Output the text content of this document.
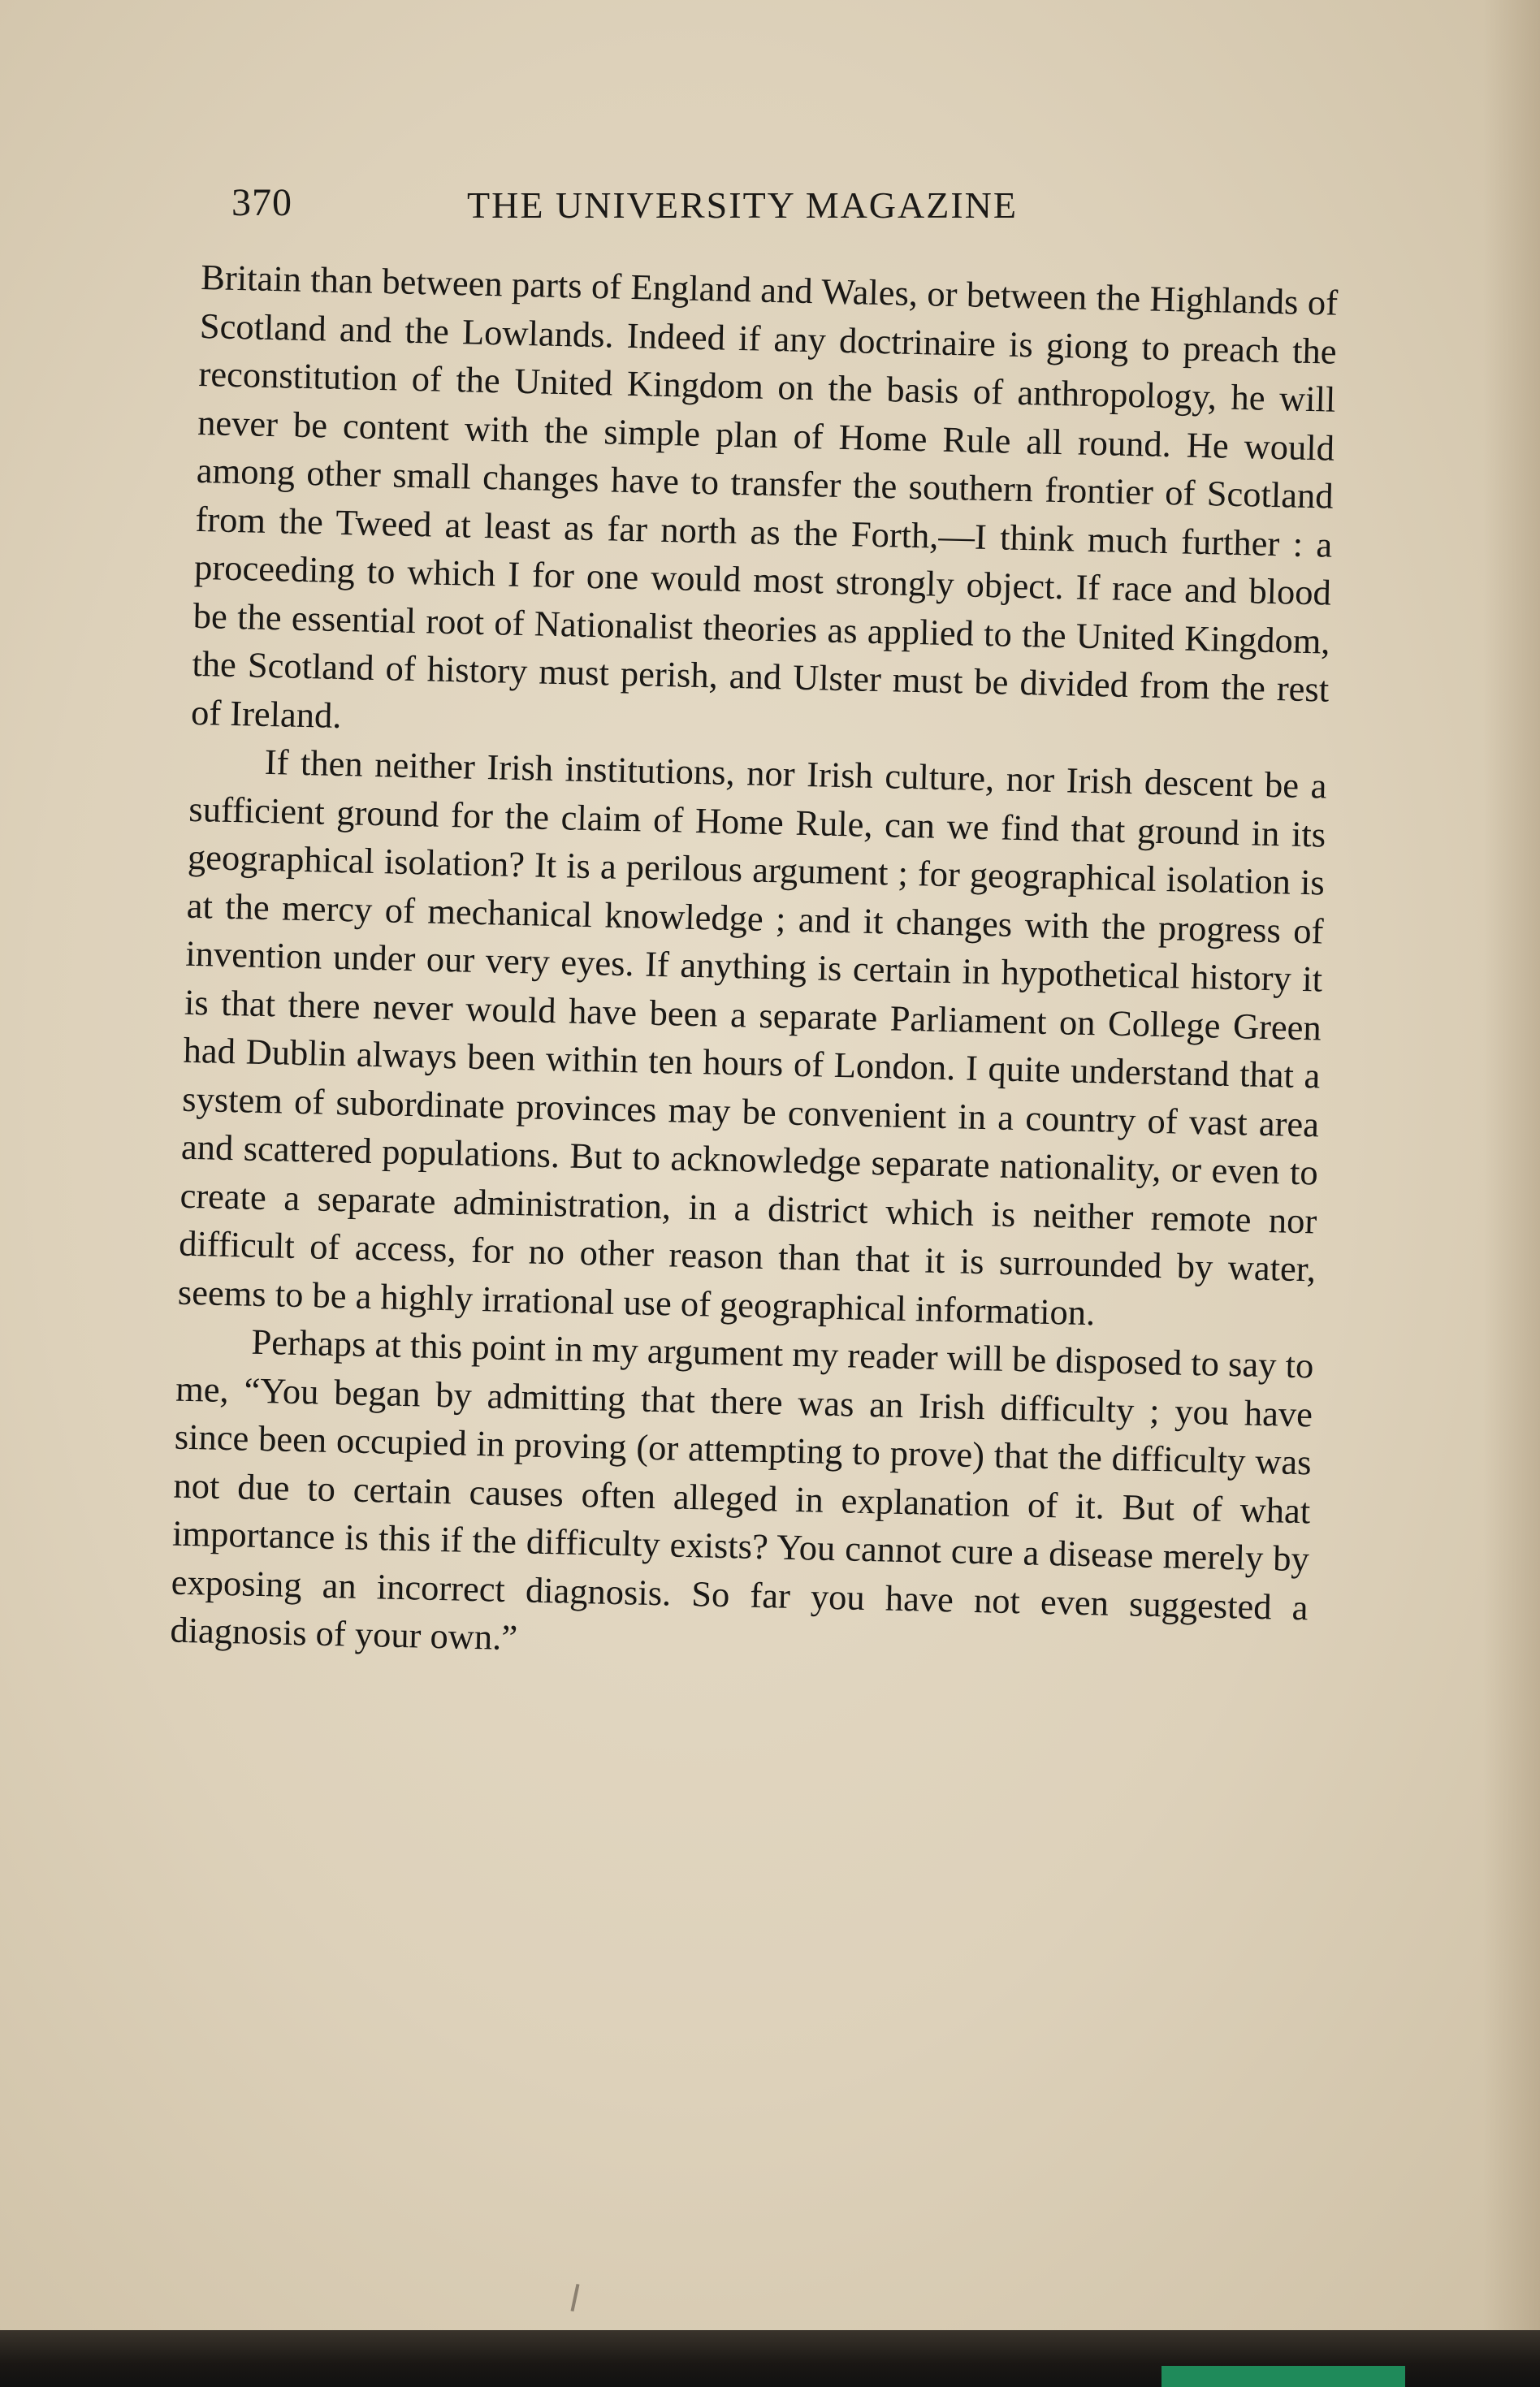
370	THE UNIVERSITY MAGAZINE

Britain than between parts of England and Wales, or between the Highlands of Scotland and the Lowlands. Indeed if any doctrinaire is giong to preach the reconstitution of the United Kingdom on the basis of anthropology, he will never be content with the simple plan of Home Rule all round. He would among other small changes have to transfer the southern frontier of Scotland from the Tweed at least as far north as the Forth,—I think much further : a proceeding to which I for one would most strongly object. If race and blood be the essential root of Nationalist theories as applied to the United Kingdom, the Scotland of history must perish, and Ulster must be divided from the rest of Ireland.

If then neither Irish institutions, nor Irish culture, nor Irish descent be a sufficient ground for the claim of Home Rule, can we find that ground in its geographical isolation? It is a perilous argument ; for geographical isolation is at the mercy of mechanical knowledge ; and it changes with the progress of invention under our very eyes. If anything is certain in hypothetical history it is that there never would have been a separate Parliament on College Green had Dublin always been within ten hours of London. I quite understand that a system of subordinate provinces may be convenient in a country of vast area and scattered populations. But to acknowledge separate nationality, or even to create a separate administration, in a district which is neither remote nor difficult of access, for no other reason than that it is surrounded by water, seems to be a highly irrational use of geographical information.

Perhaps at this point in my argument my reader will be disposed to say to me, “You began by admitting that there was an Irish difficulty ; you have since been occupied in proving (or attempting to prove) that the difficulty was not due to certain causes often alleged in explanation of it. But of what importance is this if the difficulty exists? You cannot cure a disease merely by exposing an incorrect diagnosis. So far you have not even suggested a diagnosis of your own.”
